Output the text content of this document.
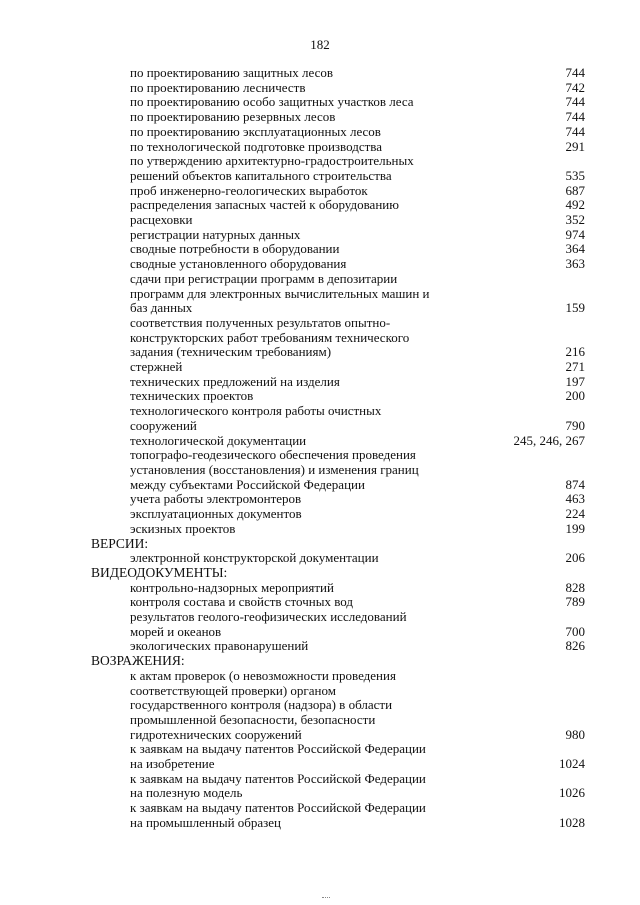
182
по проектированию защитных лесов	744
по проектированию лесничеств	742
по проектированию особо защитных участков леса	744
по проектированию резервных лесов	744
по проектированию эксплуатационных лесов	744
по технологической подготовке производства	291
по утверждению архитектурно-градостроительных
решений объектов капитального строительства	535
проб инженерно-геологических выработок	687
распределения запасных частей к оборудованию	492
расцеховки	352
регистрации натурных данных	974
сводные потребности в оборудовании	364
сводные установленного оборудования	363
сдачи при регистрации программ в депозитарии
программ для электронных вычислительных машин и
баз данных	159
соответствия полученных результатов опытно-
конструкторских работ требованиям технического
задания (техническим требованиям)	216
стержней	271
технических предложений на изделия	197
технических проектов	200
технологического контроля работы очистных
сооружений	790
технологической документации	245, 246, 267
топографо-геодезического обеспечения проведения
установления (восстановления) и изменения границ
между субъектами Российской Федерации	874
учета работы электромонтеров	463
эксплуатационных документов	224
эскизных проектов	199
ВЕРСИИ:
электронной конструкторской документации	206
ВИДЕОДОКУМЕНТЫ:
контрольно-надзорных мероприятий	828
контроля состава и свойств сточных вод	789
результатов геолого-геофизических исследований
морей и океанов	700
экологических правонарушений	826
ВОЗРАЖЕНИЯ:
к актам проверок (о невозможности проведения
соответствующей проверки) органом
государственного контроля (надзора) в области
промышленной безопасности, безопасности
гидротехнических сооружений	980
к заявкам на выдачу патентов Российской Федерации
на изобретение	1024
к заявкам на выдачу патентов Российской Федерации
на полезную модель	1026
к заявкам на выдачу патентов Российской Федерации
на промышленный образец	1028
